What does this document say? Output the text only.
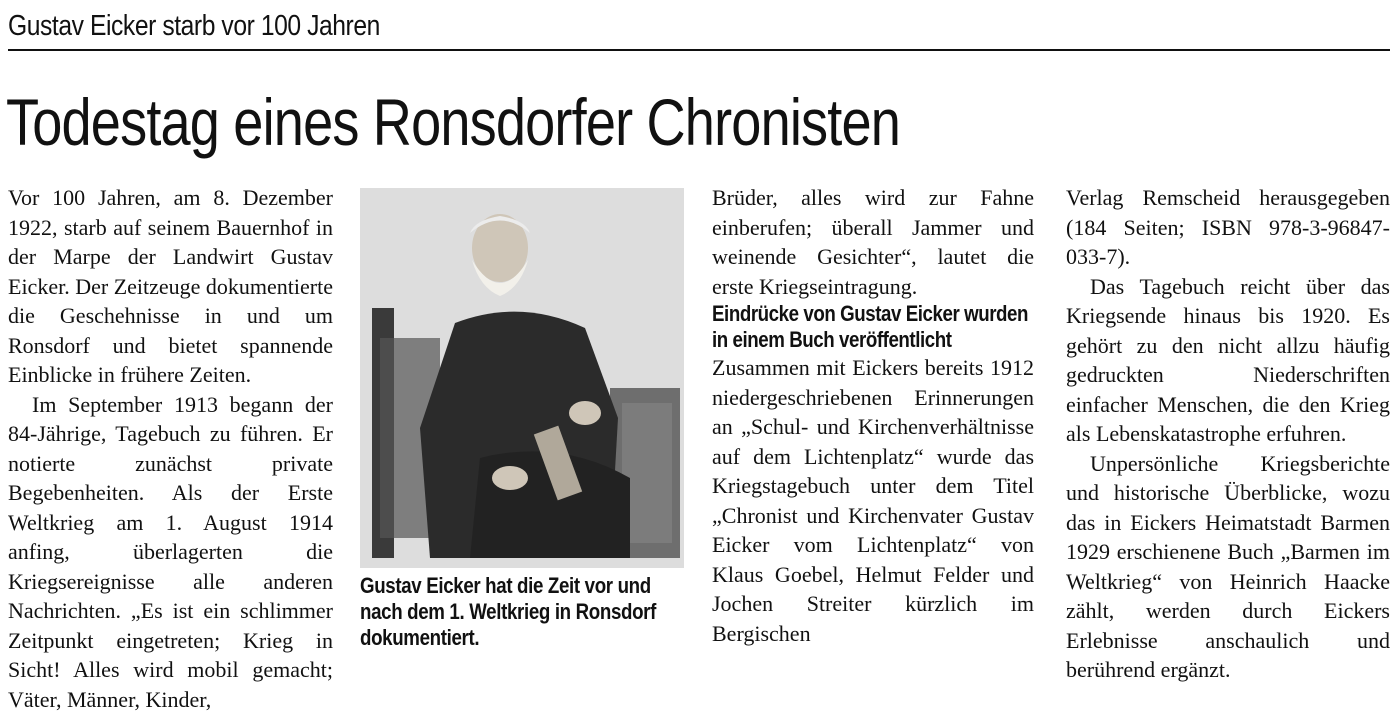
Gustav Eicker starb vor 100 Jahren
Todestag eines Ronsdorfer Chronisten

Vor 100 Jahren, am 8. Dezember 1922, starb auf seinem Bauernhof in der Marpe der Landwirt Gustav Eicker. Der Zeitzeuge dokumentierte die Geschehnisse in und um Ronsdorf und bietet spannende Einblicke in frühere Zeiten.

Im September 1913 begann der 84-Jährige, Tagebuch zu führen. Er notierte zunächst private Begebenheiten. Als der Erste Weltkrieg am 1. August 1914 anfing, überlagerten die Kriegsereignisse alle anderen Nachrichten. „Es ist ein schlimmer Zeitpunkt eingetreten; Krieg in Sicht! Alles wird mobil gemacht; Väter, Männer, Kinder,

Gustav Eicker hat die Zeit vor und nach dem 1. Weltkrieg in Ronsdorf dokumentiert.

Brüder, alles wird zur Fahne einberufen; überall Jammer und weinende Gesichter“, lautet die erste Kriegseintragung.

Eindrücke von Gustav Eicker wurden in einem Buch veröffentlicht

Zusammen mit Eickers bereits 1912 niedergeschriebenen Erinnerungen an „Schul- und Kirchenverhältnisse auf dem Lichtenplatz“ wurde das Kriegstagebuch unter dem Titel „Chronist und Kirchenvater Gustav Eicker vom Lichtenplatz“ von Klaus Goebel, Helmut Felder und Jochen Streiter kürzlich im Bergischen

Verlag Remscheid herausgegeben (184 Seiten; ISBN 978-3-96847-033-7).

Das Tagebuch reicht über das Kriegsende hinaus bis 1920. Es gehört zu den nicht allzu häufig gedruckten Niederschriften einfacher Menschen, die den Krieg als Lebenskatastrophe erfuhren.

Unpersönliche Kriegsberichte und historische Überblicke, wozu das in Eickers Heimatstadt Barmen 1929 erschienene Buch „Barmen im Weltkrieg“ von Heinrich Haacke zählt, werden durch Eickers Erlebnisse anschaulich und berührend ergänzt.
